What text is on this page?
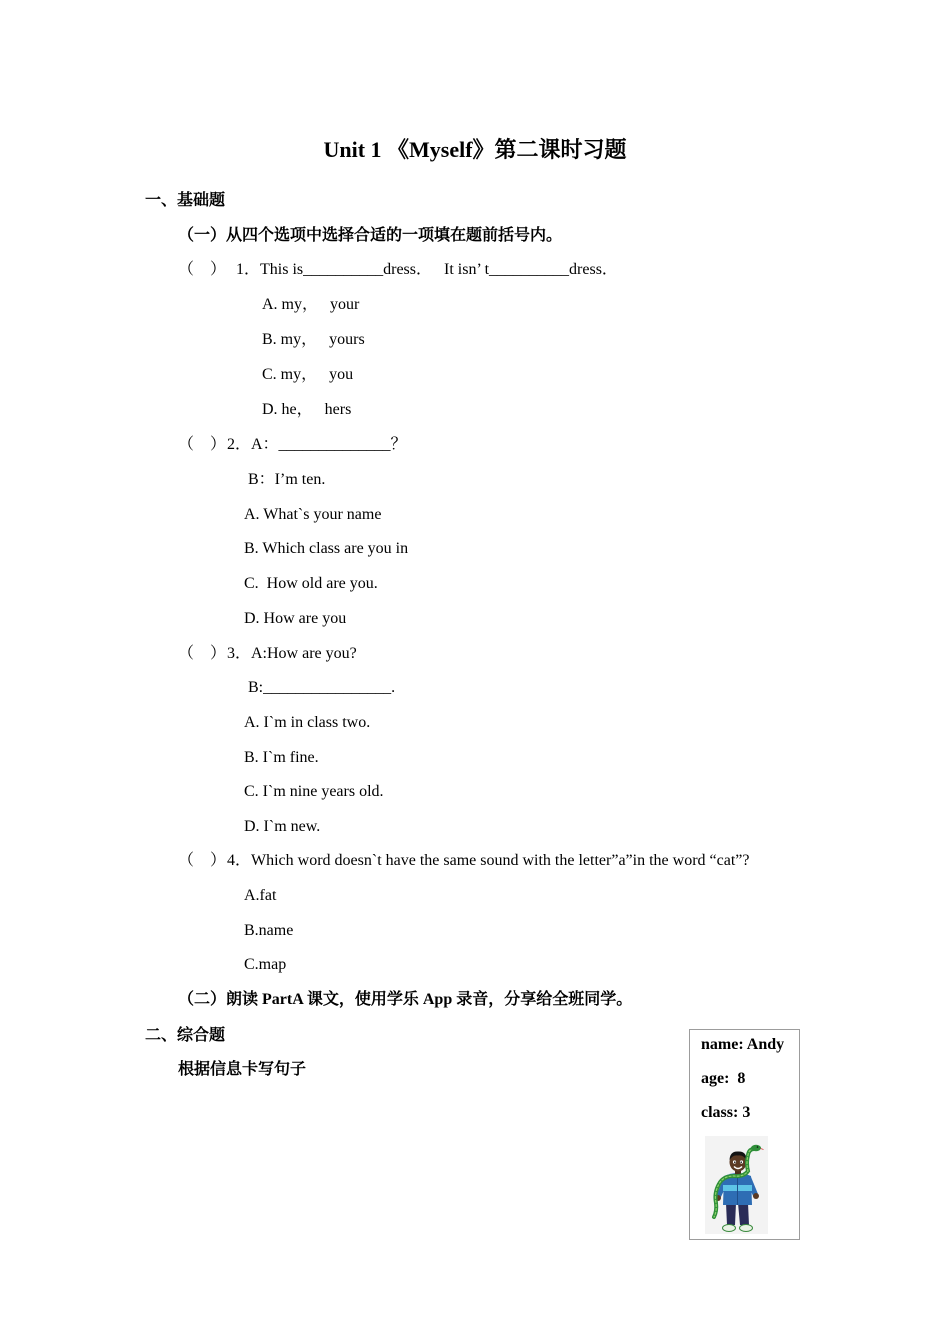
Unit 1 《Myself》第二课时习题
一、基础题
（一）从四个选项中选择合适的一项填在题前括号内。
（    ） 1．This is__________dress．   It isn’ t__________dress．
A. my，   your
B. my，   yours
C. my，   you
D. he，   hers
（    ） 2．A：______________？
B：I’m ten.
A. What`s your name
B. Which class are you in
C.  How old are you.
D. How are you
（    ） 3．A:How are you?
B:________________.
A. I`m in class two.
B. I`m fine.
C. I`m nine years old.
D. I`m new.
（    ） 4．Which word doesn`t have the same sound with the letter”a”in the word “cat”?
A.fat
B.name
C.map
（二）朗读 PartA 课文，使用学乐 App 录音，分享给全班同学。
二、综合题
根据信息卡写句子
name: Andy
age:  8
class: 3
